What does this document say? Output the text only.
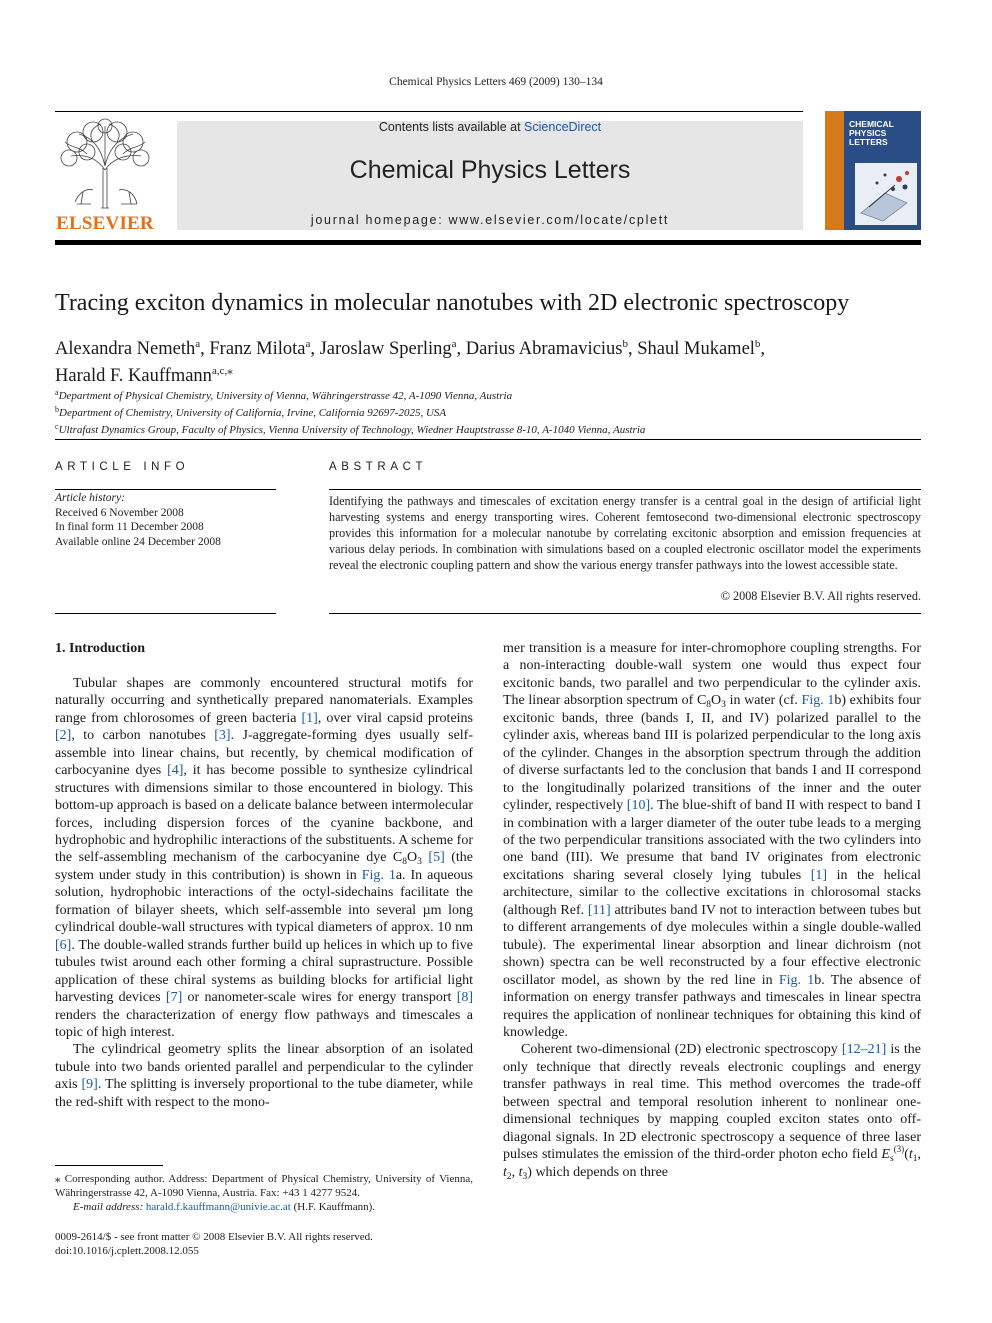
Chemical Physics Letters 469 (2009) 130–134
ELSEVIER
Contents lists available at ScienceDirect
Chemical Physics Letters
journal homepage: www.elsevier.com/locate/cplett
CHEMICAL
PHYSICS
LETTERS
Tracing exciton dynamics in molecular nanotubes with 2D electronic spectroscopy
Alexandra Nemeth$^a$, Franz Milota$^a$, Jaroslaw Sperling$^a$, Darius Abramavicius$^b$, Shaul Mukamel$^b$,
Harald F. Kauffmann$^{a,c,⁎}$
$^a$Department of Physical Chemistry, University of Vienna, Währingerstrasse 42, A-1090 Vienna, Austria
$^b$Department of Chemistry, University of California, Irvine, California 92697-2025, USA
$^c$Ultrafast Dynamics Group, Faculty of Physics, Vienna University of Technology, Wiedner Hauptstrasse 8-10, A-1040 Vienna, Austria
ARTICLE INFO
Article history:
Received 6 November 2008
In final form 11 December 2008
Available online 24 December 2008
ABSTRACT
Identifying the pathways and timescales of excitation energy transfer is a central goal in the design of artificial light harvesting systems and energy transporting wires. Coherent femtosecond two-dimensional electronic spectroscopy provides this information for a molecular nanotube by correlating excitonic absorption and emission frequencies at various delay periods. In combination with simulations based on a coupled electronic oscillator model the experiments reveal the electronic coupling pattern and show the various energy transfer pathways into the lowest accessible state.
© 2008 Elsevier B.V. All rights reserved.

1. Introduction

Tubular shapes are commonly encountered structural motifs for naturally occurring and synthetically prepared nanomaterials. Examples range from chlorosomes of green bacteria [1], over viral capsid proteins [2], to carbon nanotubes [3]. J-aggregate-forming dyes usually self-assemble into linear chains, but recently, by chemical modification of carbocyanine dyes [4], it has become possible to synthesize cylindrical structures with dimensions similar to those encountered in biology. This bottom-up approach is based on a delicate balance between intermolecular forces, including dispersion forces of the cyanine backbone, and hydrophobic and hydrophilic interactions of the substituents. A scheme for the self-assembling mechanism of the carbocyanine dye $C_8O_3$ [5] (the system under study in this contribution) is shown in Fig. 1a. In aqueous solution, hydrophobic interactions of the octyl-sidechains facilitate the formation of bilayer sheets, which self-assemble into several µm long cylindrical double-wall structures with typical diameters of approx. 10 nm [6]. The double-walled strands further build up helices in which up to five tubules twist around each other forming a chiral suprastructure. Possible application of these chiral systems as building blocks for artificial light harvesting devices [7] or nanometer-scale wires for energy transport [8] renders the characterization of energy flow pathways and timescales a topic of high interest.

The cylindrical geometry splits the linear absorption of an isolated tubule into two bands oriented parallel and perpendicular to the cylinder axis [9]. The splitting is inversely proportional to the tube diameter, while the red-shift with respect to the mono-

mer transition is a measure for inter-chromophore coupling strengths. For a non-interacting double-wall system one would thus expect four excitonic bands, two parallel and two perpendicular to the cylinder axis. The linear absorption spectrum of $C_8O_3$ in water (cf. Fig. 1b) exhibits four excitonic bands, three (bands I, II, and IV) polarized parallel to the cylinder axis, whereas band III is polarized perpendicular to the long axis of the cylinder. Changes in the absorption spectrum through the addition of diverse surfactants led to the conclusion that bands I and II correspond to the longitudinally polarized transitions of the inner and the outer cylinder, respectively [10]. The blue-shift of band II with respect to band I in combination with a larger diameter of the outer tube leads to a merging of the two perpendicular transitions associated with the two cylinders into one band (III). We presume that band IV originates from electronic excitations sharing several closely lying tubules [1] in the helical architecture, similar to the collective excitations in chlorosomal stacks (although Ref. [11] attributes band IV not to interaction between tubes but to different arrangements of dye molecules within a single double-walled tubule). The experimental linear absorption and linear dichroism (not shown) spectra can be well reconstructed by a four effective electronic oscillator model, as shown by the red line in Fig. 1b. The absence of information on energy transfer pathways and timescales in linear spectra requires the application of nonlinear techniques for obtaining this kind of knowledge.

Coherent two-dimensional (2D) electronic spectroscopy [12–21] is the only technique that directly reveals electronic couplings and energy transfer pathways in real time. This method overcomes the trade-off between spectral and temporal resolution inherent to nonlinear one-dimensional techniques by mapping coupled exciton states onto off-diagonal signals. In 2D electronic spectroscopy a sequence of three laser pulses stimulates the emission of the third-order photon echo field $E_s^{(3)}(t_1$, $t_2$, $t_3$) which depends on three

⁎ Corresponding author. Address: Department of Physical Chemistry, University of Vienna, Währingerstrasse 42, A-1090 Vienna, Austria. Fax: +43 1 4277 9524.
E-mail address: harald.f.kauffmann@univie.ac.at (H.F. Kauffmann).
0009-2614/$ - see front matter © 2008 Elsevier B.V. All rights reserved.
doi:10.1016/j.cplett.2008.12.055
